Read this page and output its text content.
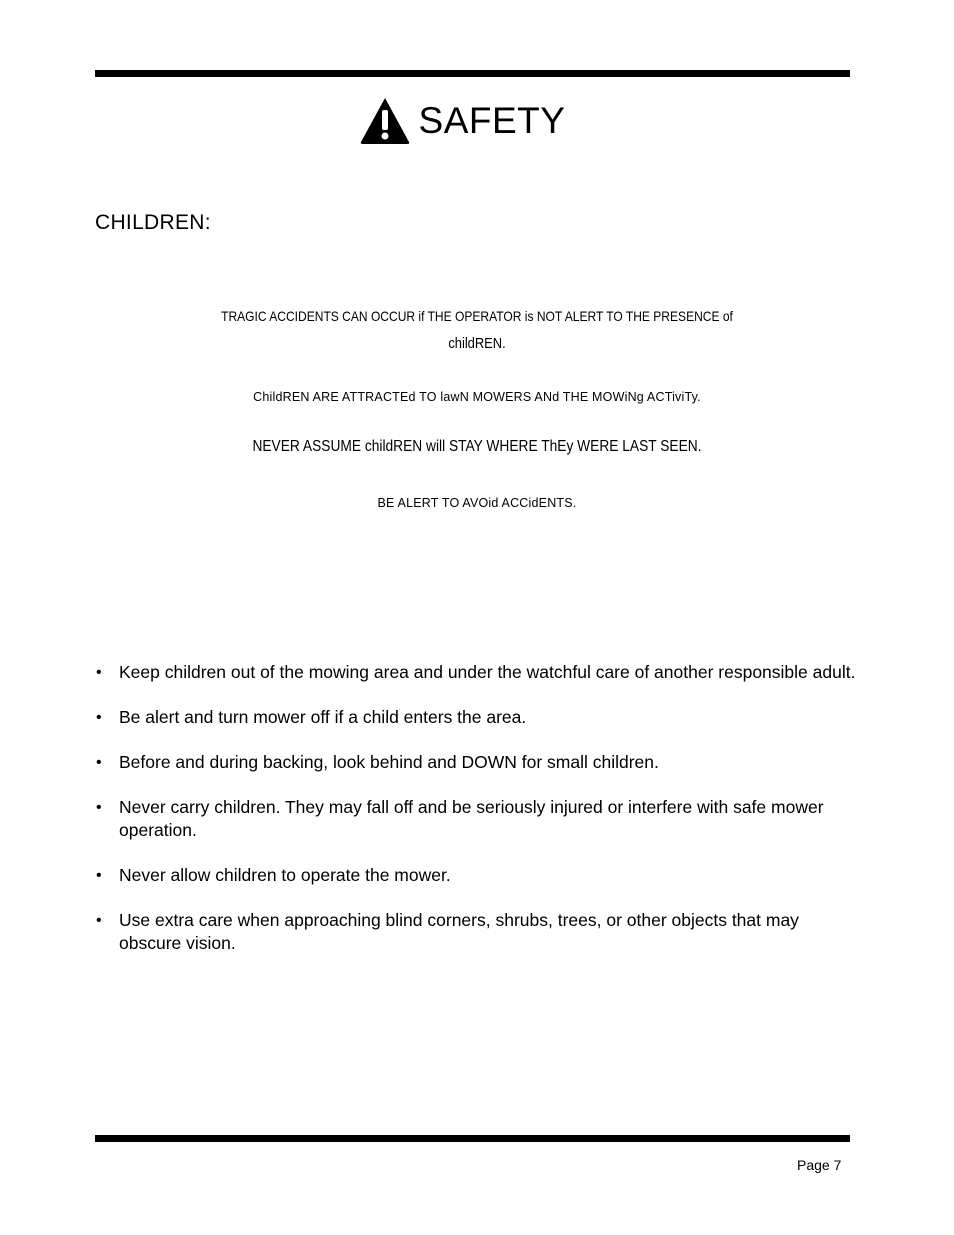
SAFETY
CHILDREN:
TRAGIC ACCIDENTS CAN OCCUR if THE OPERATOR is NOT ALERT TO THE PRESENCE of
childREN.
ChildREN ARE ATTRACTEd TO lawN MOWERS ANd THE MOWiNg ACTiviTy.
NEVER ASSUME childREN will STAY WHERE ThEy WERE LAST SEEN.
BE ALERT TO AVOid ACCidENTS.
• Keep children out of the mowing area and under the watchful care of another responsible adult.
• Be alert and turn mower off if a child enters the area.
• Before and during backing, look behind and DOWN for small children.
• Never carry children. They may fall off and be seriously injured or interfere with safe mower operation.
• Never allow children to operate the mower.
• Use extra care when approaching blind corners, shrubs, trees, or other objects that may obscure vision.
Page 7
